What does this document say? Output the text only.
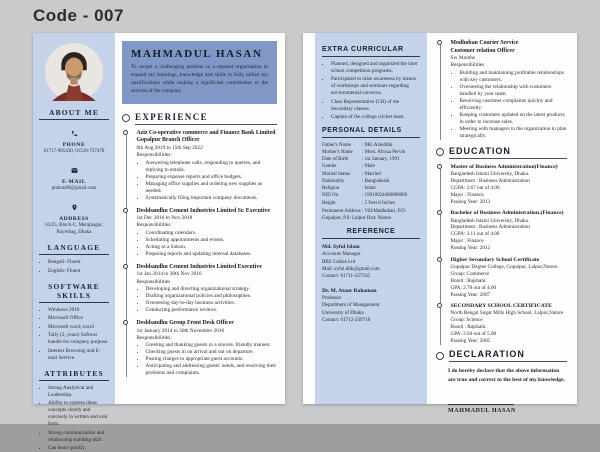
Code - 007
ABOUT ME
PHONE
01717-905430, 01516-737478
E-MAIL
plabon89@gmail.com
ADDRESS
63/25, Block-C, Merajnagar, Rayerbag, Dhaka
LANGUAGE
• Bengali- Fluent
• English- Fluent
SOFTWARE SKILLS
• Windows 2010
• Microsoft Office
• Microsoft word, excel
• Tally (2, years) Softwar handle for company purpose.
• Internet Browsing and E-mail Service.
ATTRIBUTES
• Strong Analytical and Leadership.
• Ability to express ideas concepts clearly and concisely in written and oral form.
• Strong communication and relationship building skill.
• Can learn quickly.
MAHMADUL HASAN

To secure a challenging position in a reputed organisation to expand my learnings, knowledge and skills to fully utilize my qualifications while making a significant contribution to the success of the company.

EXPERIENCE
Aziz Co-operative commerce and Finance Bank Limited Gopalpur Branch Officer
6th Aug 2019 to 15th Sep 2022
Responsibilities:
• Answering telephone calls, responding to queries, and replying to emails.
• Preparing expense reports and office budgets.
• Managing office supplies and ordering new supplies as needed.
• Systematically filing important company documents.
Deshbandhu Cement Industries Limited Sr. Executive
1st Dec 2016 to Nov 2018
Responsibilities:
• Coordinating calendars.
• Scheduling appointments and events.
• Acting as a liaison.
• Preparing reports and updating internal databases.
Deshbandhu Cement Industries Limited Executive
1st Jan 2014 to 30th Nov 2016
Responsibilities
• Developing and directing organizational strategy.
• Drafting organizational policies and philosophies.
• Overseeing day-to-day business activities.
• Conducting performance reviews.
Deshbandhu Group Front Desk Officer
1st January 2014 to 30th November 2016
Responsibilities:
• Greeting and thanking guests in a sincere, friendly manner.
• Checking guests in on arrival and out on departure.
• Posting charges to appropriate guest accounts.
• Anticipating and addressing guests' needs, and resolving their problems and complaints.
EXTRA CURRICULAR
• Planned, designed and organized the inter school competition programs.
• Participated to raise awareness by means of workshops and seminars regarding environmental concerns.
• Class Representative (CR) of the Secondary classes.
• Captain of the college cricket team.
PERSONAL DETAILS
Father's Name	: Md. Alauddin
Mother's Name	: Most. Afroza Pervin
Date of Birth	: 1st January, 1991
Gender	: Male
Marital Status	: Married
Nationality	: Bangladeshi
Religion	: Islam
NID No	: 19910024400000009
Height	: 5 Feet 8 Inches

Permanent Address : Vill:Madhubari, P.O. Gopalpur, P.S: Lalpur Dist: Natore

REFERENCE
Md. Syful Islam
Accounts Manager
BBS Cables Ltd
Mail: syful.dhk@gmail.com
Contact: 01711-227565
Dr. M. Ataur Rahaman
Professor
Department of Management
University of Dhaka
Contact: 01712-239716
Modhuban Courier Service
Customer relation Officer
Six Months
Responsibilities
• Building and maintaining profitable relationships with key customers.
• Overseeing the relationship with customers handled by your team.
• Resolving customer complaints quickly and efficiently.
• Keeping customers updated on the latest products in order to increase sales.
• Meeting with managers in the organization to plan strategically.
EDUCATION
Master of Business Administration(Finance)
Bangladesh Islami University, Dhaka.
Department : Business Administration
CGPA: 3.67 out of 4.00
Major : Finance
Passing Year: 2013
Bachelor of Business Administration.(Finance)
Bangladesh Islami University, Dhaka.
Department : Business Administration
CGPA: 3.11 out of 4.00
Major : Finance
Passing Year: 2012
Higher Secondary School Certificate
Gopalpur Degree College, Gopalpur, Lalpur,Natore.
Group: Commerce
Board : Rajshahi.
GPA: 2.70 out of 4.00
Passing Year: 2007
SECONDARY SCHOOL CERTIFICATE
North Bengal Sugar Mills High School, Lalpur,Natore
Group: Science
Board : Rajshahi.
GPA: 3.94 out of 5.00
Passing Year: 2005
DECLARATION

I do hereby declare that the above information are true and correct to the best of my knowledge.

MAHMADUL HASAN
